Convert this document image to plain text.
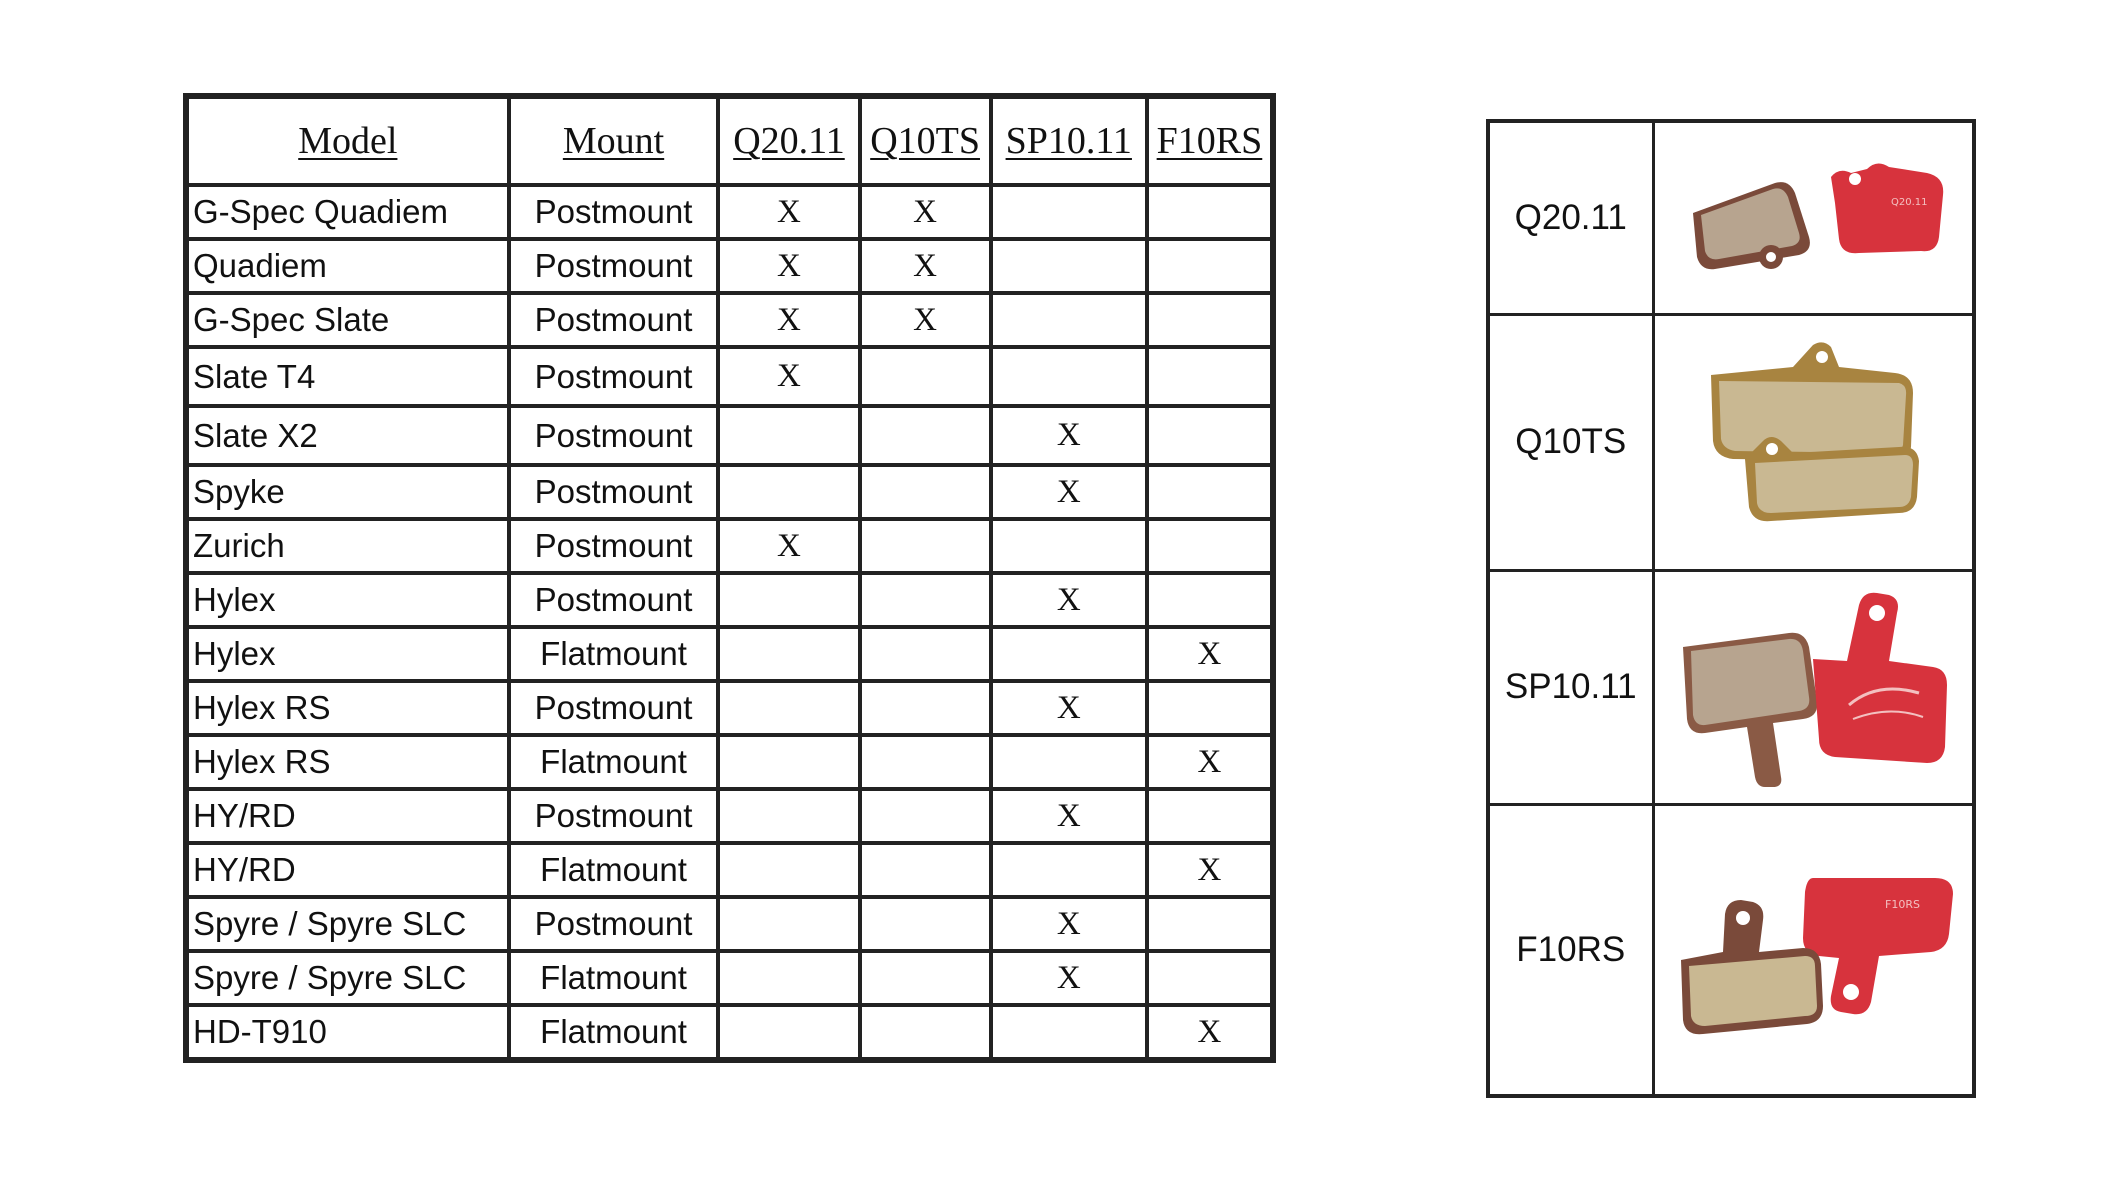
Model	Mount	Q20.11	Q10TS	SP10.11	F10RS
G-Spec Quadiem	Postmount	X	X		
Quadiem	Postmount	X	X		
G-Spec Slate	Postmount	X	X		
Slate T4	Postmount	X			
Slate X2	Postmount			X	
Spyke	Postmount			X	
Zurich	Postmount	X			
Hylex	Postmount			X	
Hylex	Flatmount				X
Hylex RS	Postmount			X	
Hylex RS	Flatmount				X
HY/RD	Postmount			X	
HY/RD	Flatmount				X
Spyre / Spyre SLC	Postmount			X	
Spyre / Spyre SLC	Flatmount			X	
HD-T910	Flatmount				X
Q20.11	Q20.11

Q10TS	

SP10.11	

F10RS	F10RS
